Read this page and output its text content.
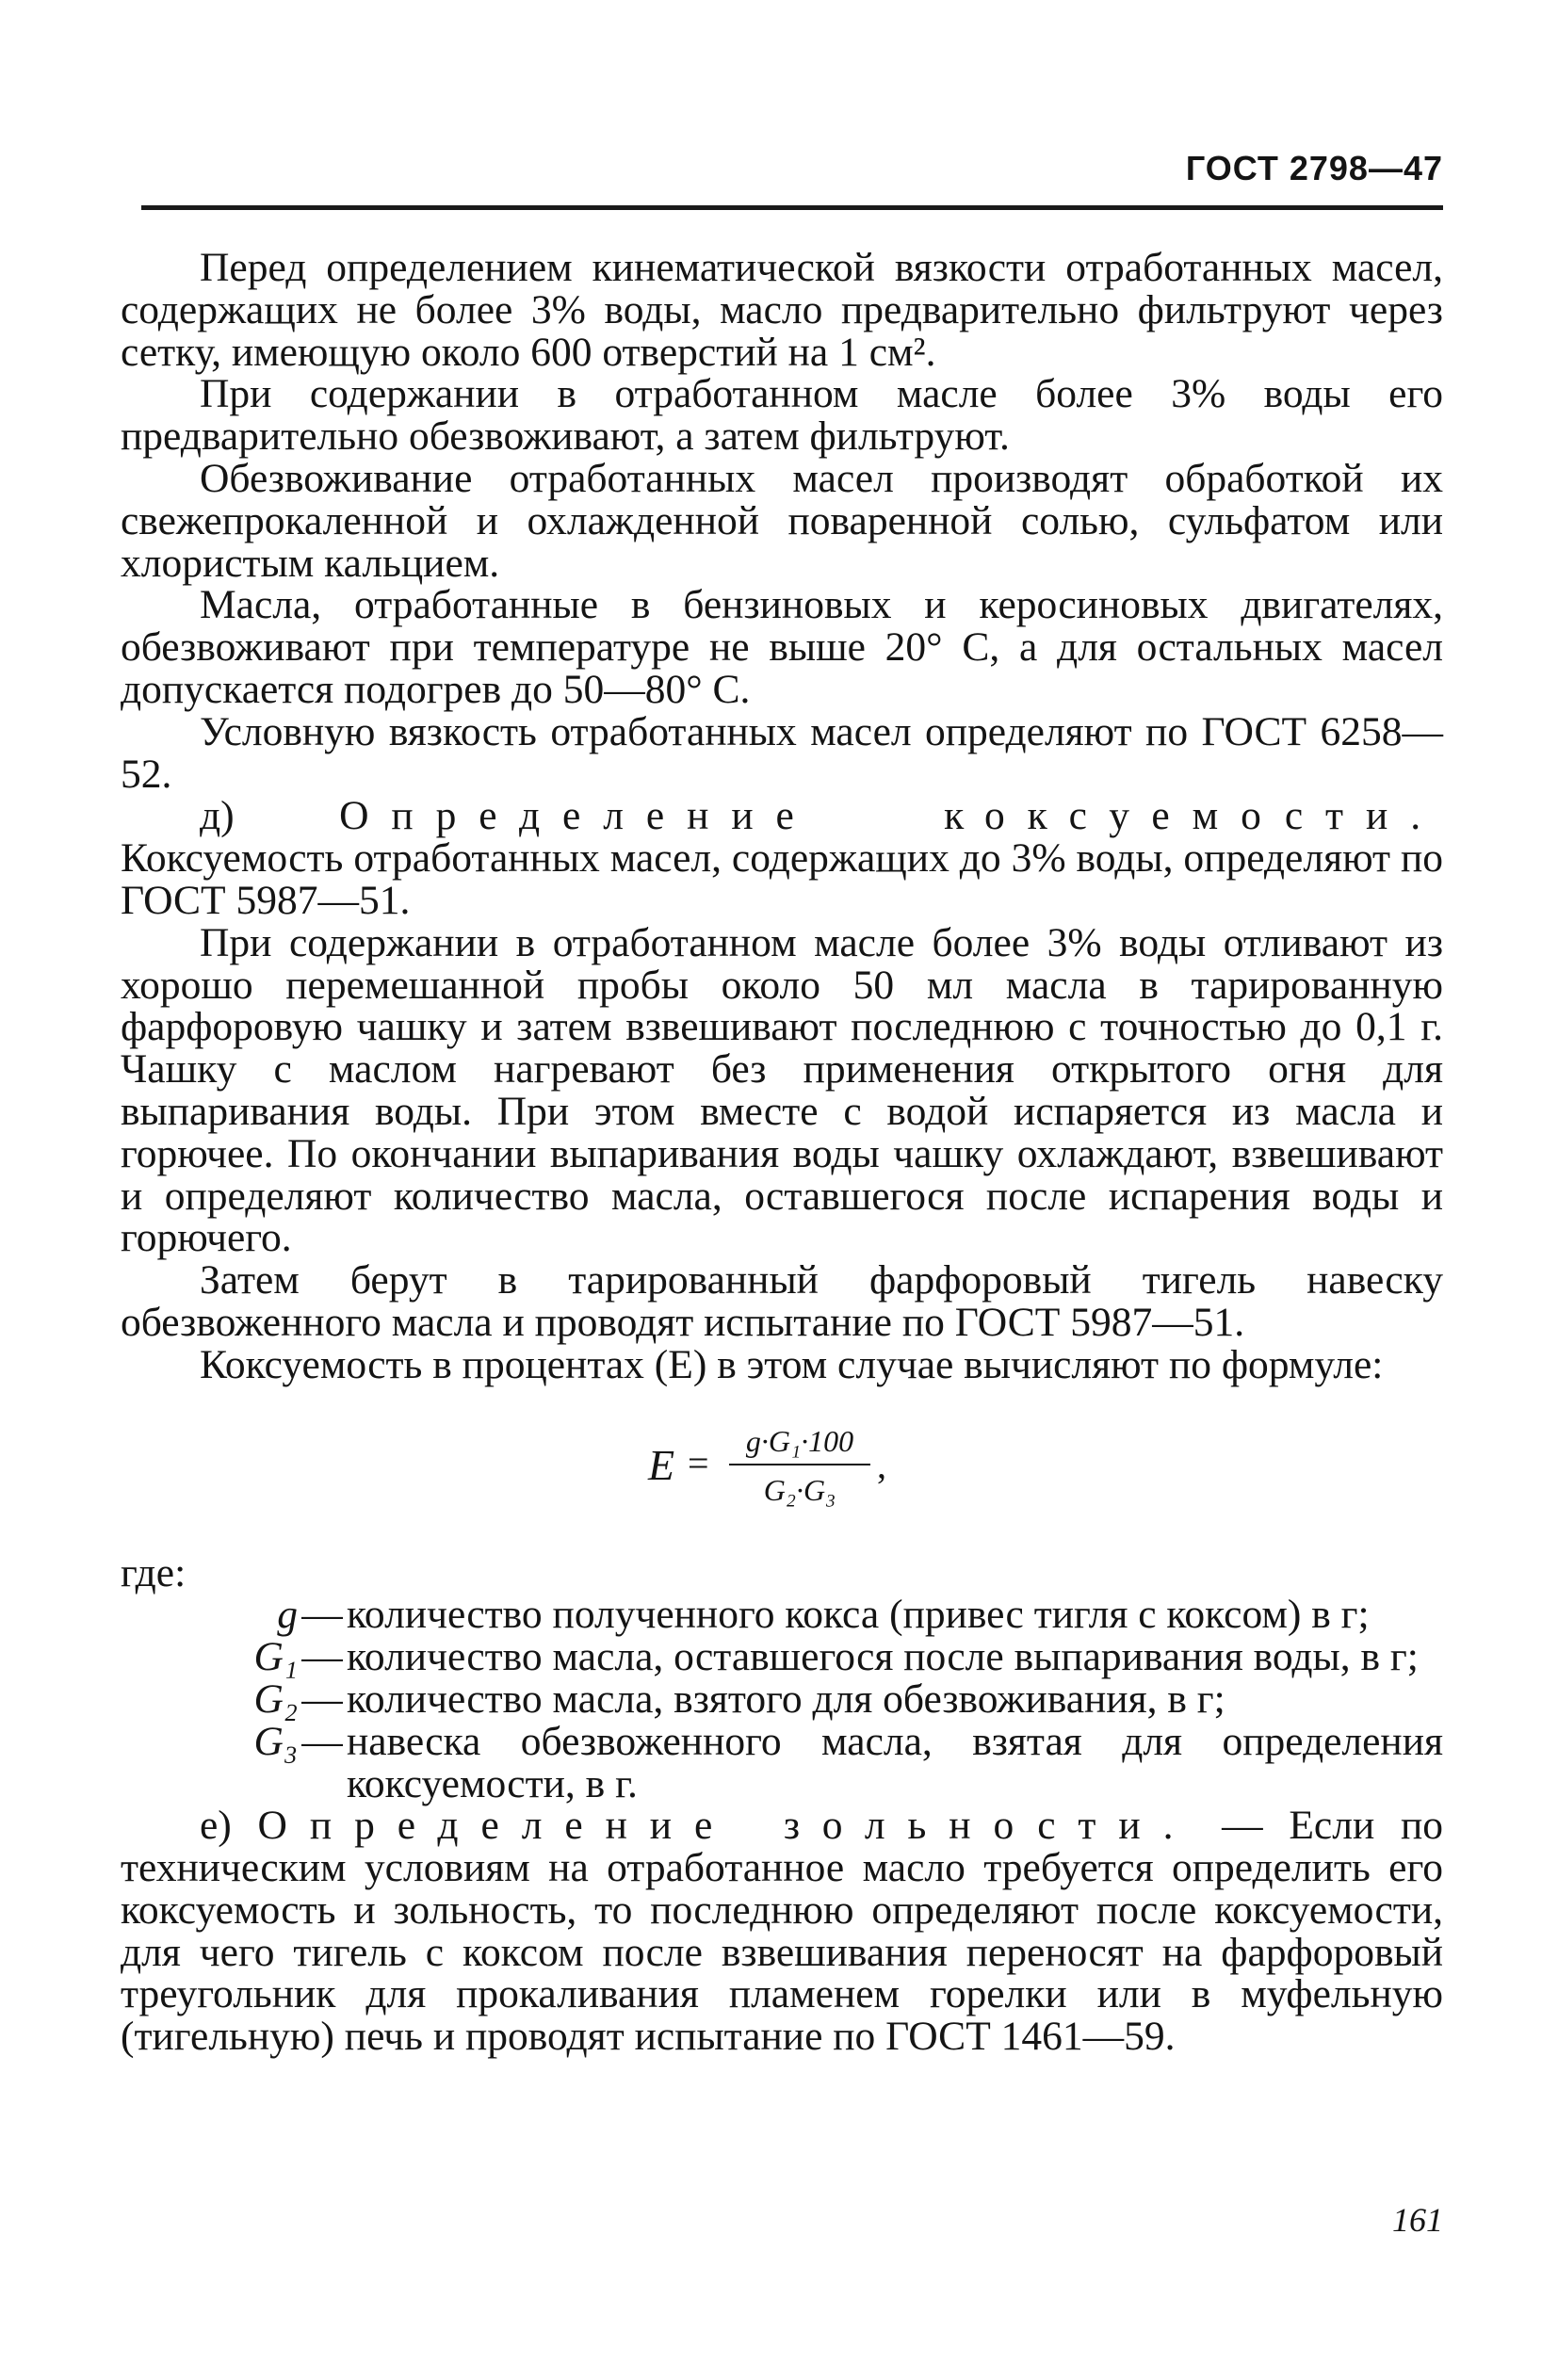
ГОСТ 2798—47

Перед определением кинематической вязкости отработанных масел, содержащих не более 3% воды, масло предварительно фильтруют через сетку, имеющую около 600 отверстий на 1 см².

При содержании в отработанном масле более 3% воды его предварительно обезвоживают, а затем фильтруют.

Обезвоживание отработанных масел производят обработкой их свежепрокаленной и охлажденной поваренной солью, сульфатом или хлористым кальцием.

Масла, отработанные в бензиновых и керосиновых двигателях, обезвоживают при температуре не выше 20° С, а для остальных масел допускается подогрев до 50—80° С.

Условную вязкость отработанных масел определяют по ГОСТ 6258—52.

д)	Определение коксуемости. Коксуемость отработанных масел, содержащих до 3% воды, определяют по ГОСТ 5987—51.

При содержании в отработанном масле более 3% воды отливают из хорошо перемешанной пробы около 50 мл масла в тарированную фарфоровую чашку и затем взвешивают последнюю с точностью до 0,1 г. Чашку с маслом нагревают без применения открытого огня для выпаривания воды. При этом вместе с водой испаряется из масла и горючее. По окончании выпаривания воды чашку охлаждают, взвешивают и определяют количество масла, оставшегося после испарения воды и горючего.

Затем берут в тарированный фарфоровый тигель навеску обезвоженного масла и проводят испытание по ГОСТ 5987—51.

Коксуемость в процентах (E) в этом случае вычисляют по формуле:

$E = \frac{\text{g·G₁·100}}{\text{G₂·G₃}}$ ,

где:

g — количество полученного кокса (привес тигля с коксом) в г;
G₁ — количество масла, оставшегося после выпаривания воды, в г;
G₂ — количество масла, взятого для обезвоживания, в г;
G₃ — навеска обезвоженного масла, взятая для определения коксуемости, в г.

е) Определение зольности. — Если по техническим условиям на отработанное масло требуется определить его коксуемость и зольность, то последнюю определяют после коксуемости, для чего тигель с коксом после взвешивания переносят на фарфоровый треугольник для прокаливания пламенем горелки или в муфельную (тигельную) печь и проводят испытание по ГОСТ 1461—59.

161
